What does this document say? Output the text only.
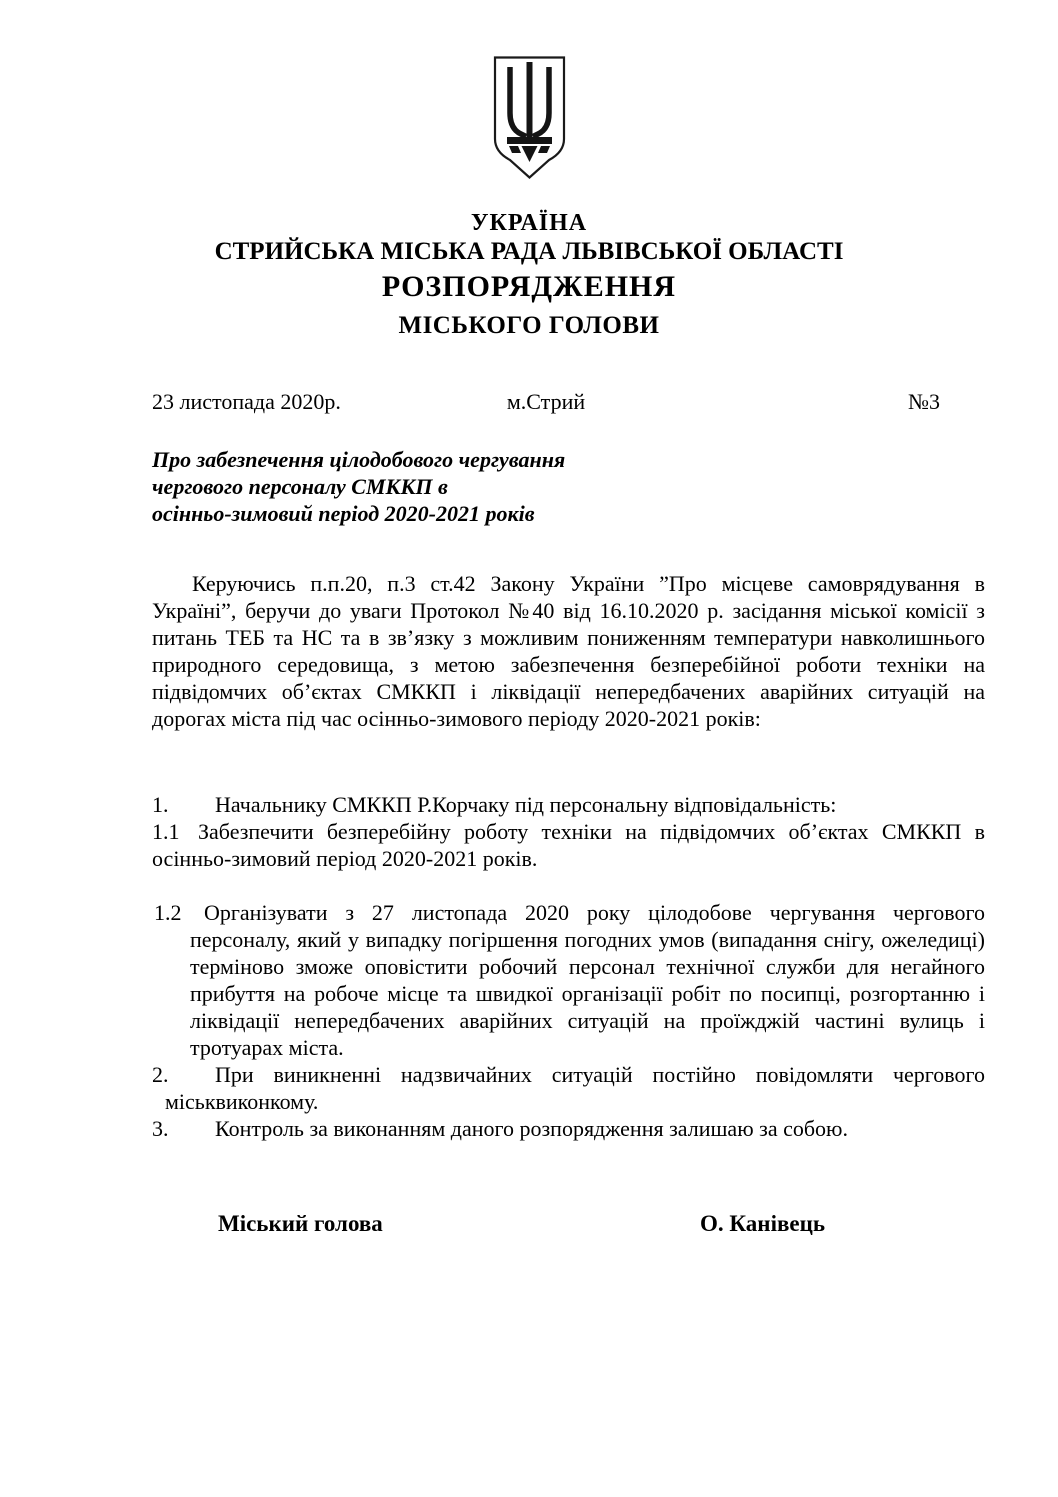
УКРАЇНА
СТРИЙСЬКА МІСЬКА РАДА ЛЬВІВСЬКОЇ ОБЛАСТІ
РОЗПОРЯДЖЕННЯ
МІСЬКОГО ГОЛОВИ
23 листопада 2020р.	м.Стрий	№3
Про забезпечення цілодобового чергування
чергового персоналу СМККП в
осінньо-зимовий період 2020-2021 років

Керуючись п.п.20, п.3 ст.42 Закону України ”Про місцеве самоврядування в Україні”, беручи до уваги Протокол №40 від 16.10.2020 р. засідання міської комісії з питань ТЕБ та НС та в зв’язку з можливим пониженням температури навколишнього природного середовища, з метою забезпечення безперебійної роботи техніки на підвідомчих об’єктах СМККП і ліквідації непередбачених аварійних ситуацій на дорогах міста під час осінньо-зимового періоду 2020-2021 років:

1. Начальнику СМККП Р.Корчаку під персональну відповідальність:

1.1 Забезпечити безперебійну роботу техніки на підвідомчих об’єктах СМККП в осінньо-зимовий період 2020-2021 років.

1.2 Організувати з 27 листопада 2020 року цілодобове чергування чергового персоналу, який у випадку погіршення погодних умов (випадання снігу, ожеледиці) терміново зможе оповістити робочий персонал технічної служби для негайного прибуття на робоче місце та швидкої організації робіт по посипці, розгортанню і ліквідації непередбачених аварійних ситуацій на проїжджій частині вулиць і тротуарах міста.

2. При виникненні надзвичайних ситуацій постійно повідомляти чергового міськвиконкому.

3. Контроль за виконанням даного розпорядження залишаю за собою.

Міський голова	О. Канівець
